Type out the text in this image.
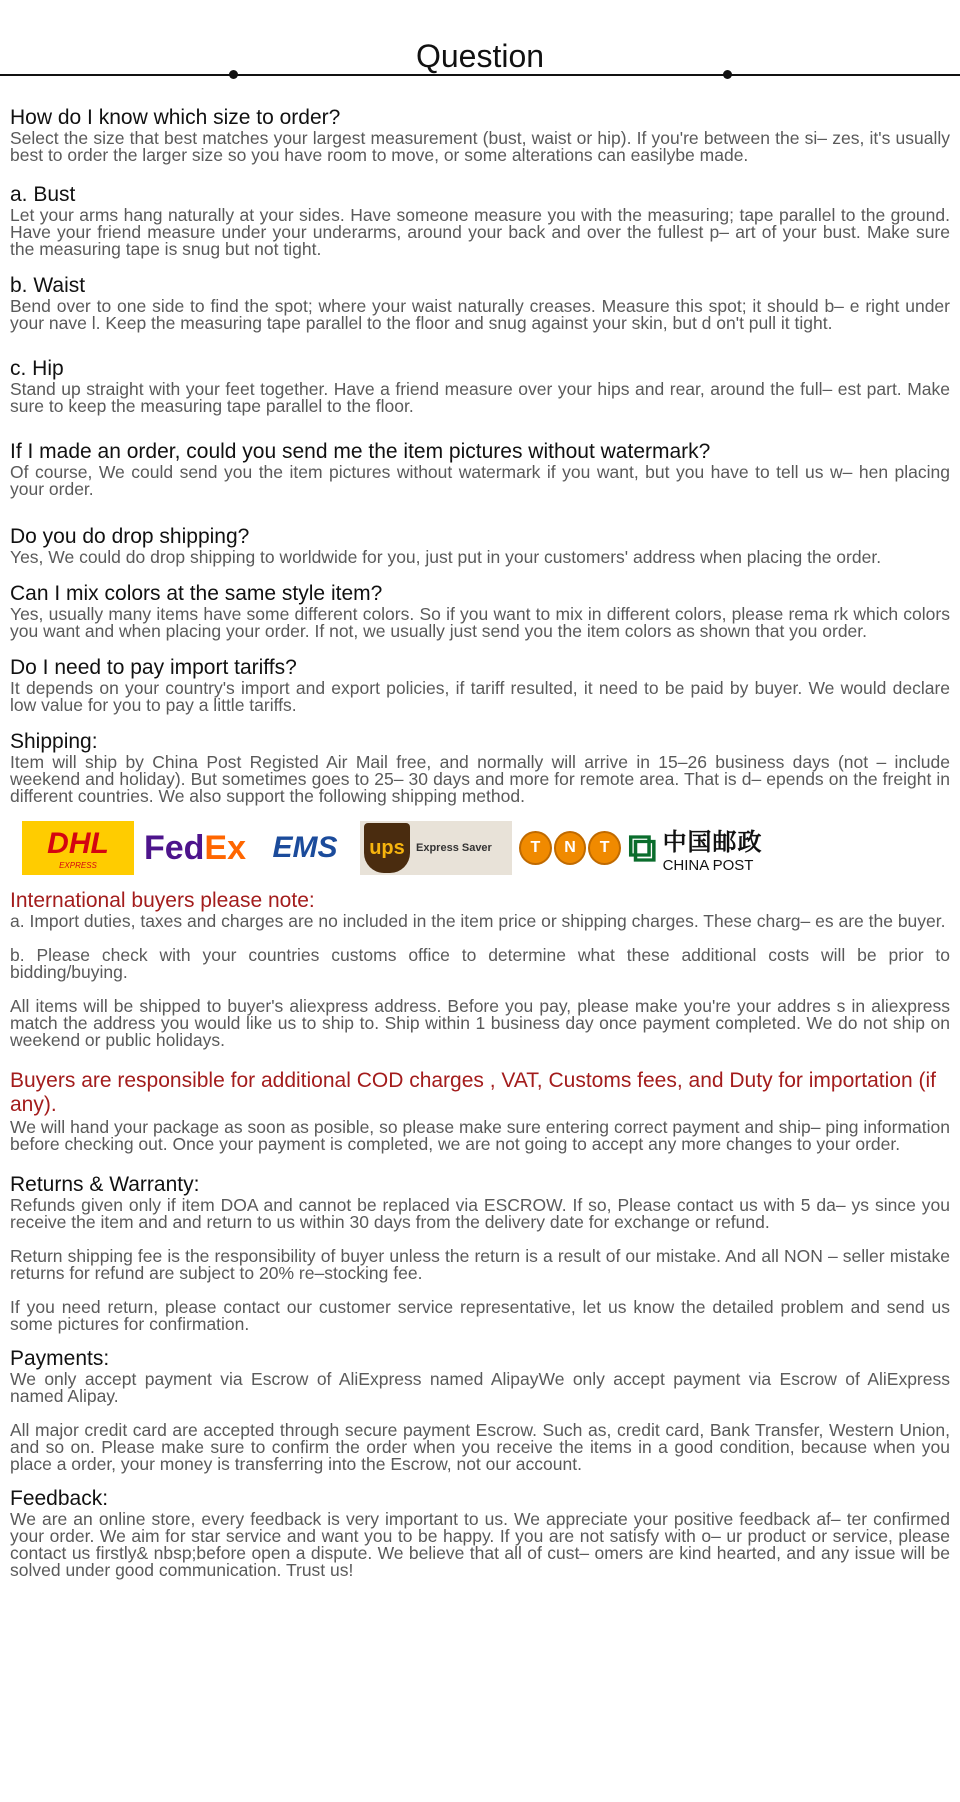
Question
How do I know which size to order?
Select the size that best matches your largest measurement (bust, waist or hip). If you're between the si– zes, it's usually best to order the larger size so you have room to move, or some alterations can easilybe made.
a. Bust
Let your arms hang naturally at your sides. Have someone measure you with the measuring; tape parallel to the ground. Have your friend measure under your underarms, around your back and over the fullest p– art of your bust. Make sure the measuring tape is snug but not tight.
b. Waist
Bend over to one side to find the spot; where your waist naturally creases. Measure this spot; it should b– e right under your nave l. Keep the measuring tape parallel to the floor and snug against your skin, but d on't pull it tight.
c. Hip
Stand up straight with your feet together. Have a friend measure over your hips and rear, around the full– est part. Make sure to keep the measuring tape parallel to the floor.
If I made an order, could you send me the item pictures without watermark?
Of course, We could send you the item pictures without watermark if you want, but you have to tell us w– hen placing your order.
Do you do drop shipping?
Yes, We could do drop shipping to worldwide for you, just put in your customers' address when placing the order.
Can I mix colors at the same style item?
Yes, usually many items have some different colors. So if you want to mix in different colors, please rema rk which colors you want and when placing your order. If not, we usually just send you the item colors as shown that you order.
Do I need to pay import tariffs?
It depends on your country's import and export policies, if tariff resulted, it need to be paid by buyer. We would declare low value for you to pay a little tariffs.
Shipping:
Item will ship by China Post Registed Air Mail free, and normally will arrive in 15–26 business days (not – include weekend and holiday). But sometimes goes to 25– 30 days and more for remote area. That is d– epends on the freight in different countries. We also support the following shipping method.
DHL
EXPRESS Fed Ex EMS ups Express Saver	T	N	T ⧉ 中国邮政
CHINA POST
International buyers please note:
a. Import duties, taxes and charges are no included in the item price or shipping charges. These charg– es are the buyer.
b. Please check with your countries customs office to determine what these additional costs will be prior to bidding/buying.
All items will be shipped to buyer's aliexpress address. Before you pay, please make you're your addres s in aliexpress match the address you would like us to ship to. Ship within 1 business day once payment completed. We do not ship on weekend or public holidays.
Buyers are responsible for additional COD charges , VAT, Customs fees, and Duty for importation (if any).
We will hand your package as soon as posible, so please make sure entering correct payment and ship– ping information before checking out. Once your payment is completed, we are not going to accept any more changes to your order.
Returns & Warranty:
Refunds given only if item DOA and cannot be replaced via ESCROW. If so, Please contact us with 5 da– ys since you receive the item and and return to us within 30 days from the delivery date for exchange or refund.
Return shipping fee is the responsibility of buyer unless the return is a result of our mistake. And all NON – seller mistake returns for refund are subject to 20% re–stocking fee.
If you need return, please contact our customer service representative, let us know the detailed problem and send us some pictures for confirmation.
Payments:
We only accept payment via Escrow of AliExpress named AlipayWe only accept payment via Escrow of AliExpress named Alipay.
All major credit card are accepted through secure payment Escrow. Such as, credit card, Bank Transfer, Western Union, and so on. Please make sure to confirm the order when you receive the items in a good condition, because when you place a order, your money is transferring into the Escrow, not our account.
Feedback:
We are an online store, every feedback is very important to us. We appreciate your positive feedback af– ter confirmed your order. We aim for star service and want you to be happy. If you are not satisfy with o– ur product or service, please contact us firstly& nbsp;before open a dispute. We believe that all of cust– omers are kind hearted, and any issue will be solved under good communication. Trust us!
